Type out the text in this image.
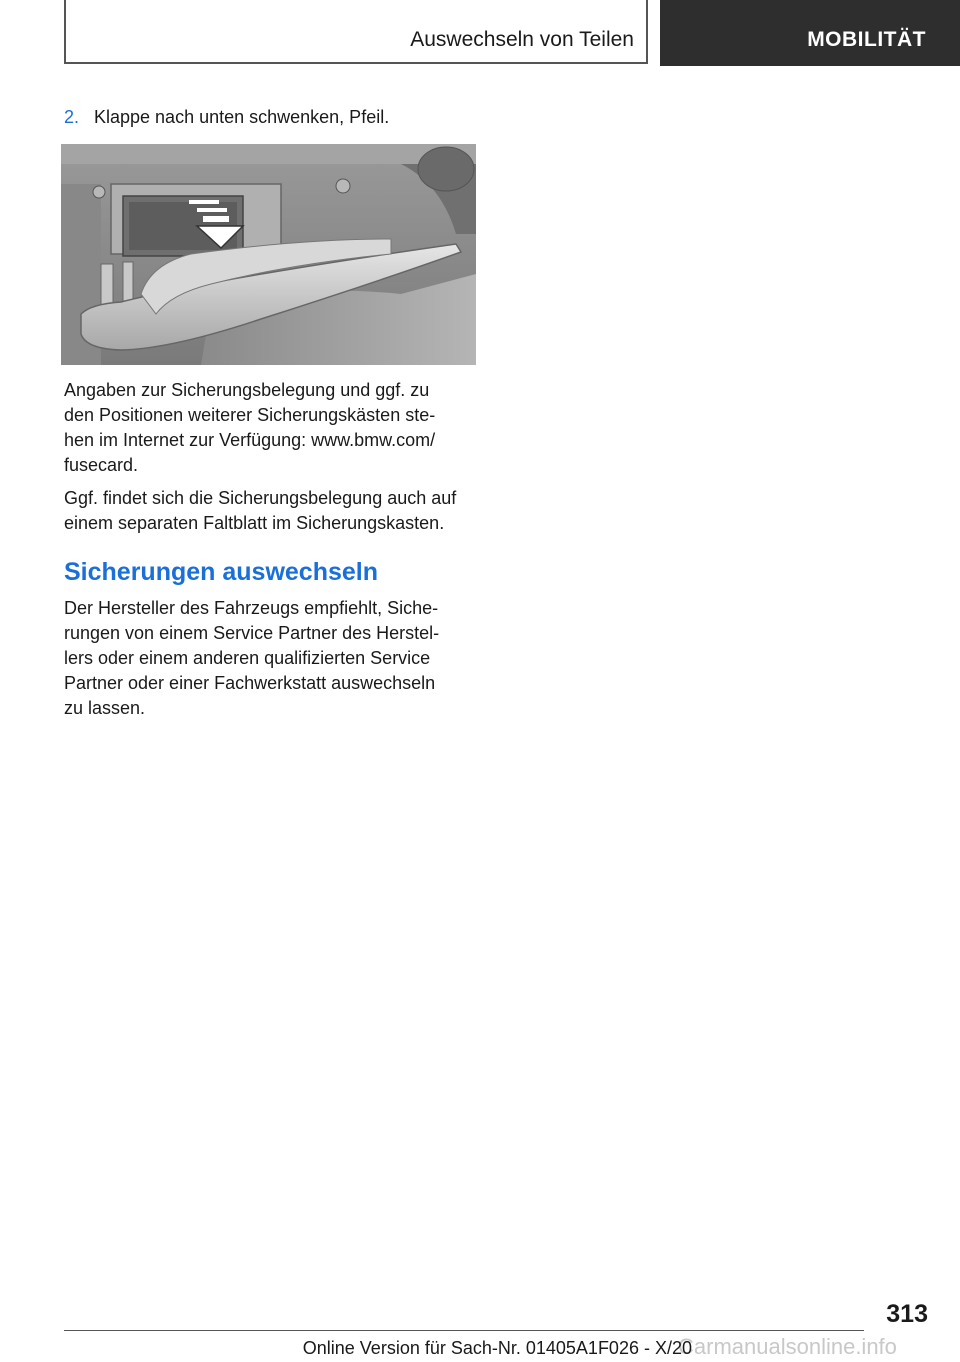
Auswechseln von Teilen	MOBILITÄT
2. Klappe nach unten schwenken, Pfeil.
Angaben zur Sicherungsbelegung und ggf. zu
den Positionen weiterer Sicherungskästen ste-
hen im Internet zur Verfügung: www.bmw.com/
fusecard.
Ggf. findet sich die Sicherungsbelegung auch auf
einem separaten Faltblatt im Sicherungskasten.
Sicherungen auswechseln
Der Hersteller des Fahrzeugs empfiehlt, Siche-
rungen von einem Service Partner des Herstel-
lers oder einem anderen qualifizierten Service
Partner oder einer Fachwerkstatt auswechseln
zu lassen.
313
Carmanualsonline.info
Online Version für Sach-Nr. 01405A1F026 - X/20
